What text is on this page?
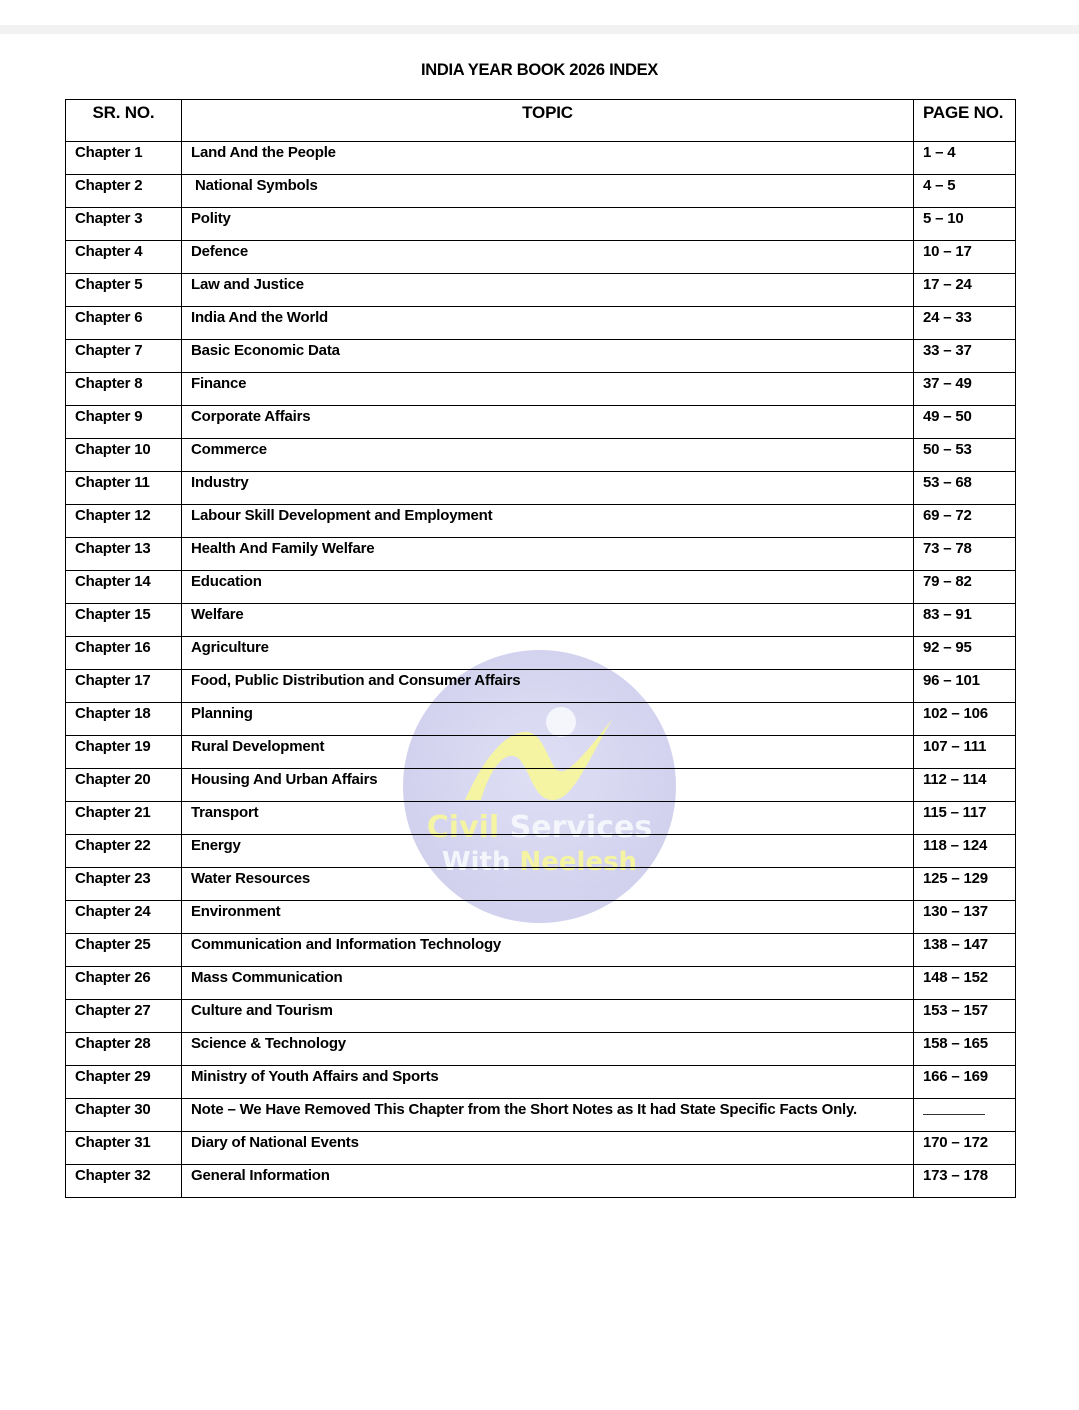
INDIA YEAR BOOK 2026 INDEX
Civil Services
With Neelesh
SR. NO.	TOPIC	PAGE NO.
Chapter 1	Land And the People	1 – 4
Chapter 2	National Symbols	4 – 5
Chapter 3	Polity	5 – 10
Chapter 4	Defence	10 – 17
Chapter 5	Law and Justice	17 – 24
Chapter 6	India And the World	24 – 33
Chapter 7	Basic Economic Data	33 – 37
Chapter 8	Finance	37 – 49
Chapter 9	Corporate Affairs	49 – 50
Chapter 10	Commerce	50 – 53
Chapter 11	Industry	53 – 68
Chapter 12	Labour Skill Development and Employment	69 – 72
Chapter 13	Health And Family Welfare	73 – 78
Chapter 14	Education	79 – 82
Chapter 15	Welfare	83 – 91
Chapter 16	Agriculture	92 – 95
Chapter 17	Food, Public Distribution and Consumer Affairs	96 – 101
Chapter 18	Planning	102 – 106
Chapter 19	Rural Development	107 – 111
Chapter 20	Housing And Urban Affairs	112 – 114
Chapter 21	Transport	115 – 117
Chapter 22	Energy	118 – 124
Chapter 23	Water Resources	125 – 129
Chapter 24	Environment	130 – 137
Chapter 25	Communication and Information Technology	138 – 147
Chapter 26	Mass Communication	148 – 152
Chapter 27	Culture and Tourism	153 – 157
Chapter 28	Science & Technology	158 – 165
Chapter 29	Ministry of Youth Affairs and Sports	166 – 169
Chapter 30	Note – We Have Removed This Chapter from the Short Notes as It had State Specific Facts Only.	
Chapter 31	Diary of National Events	170 – 172
Chapter 32	General Information	173 – 178
